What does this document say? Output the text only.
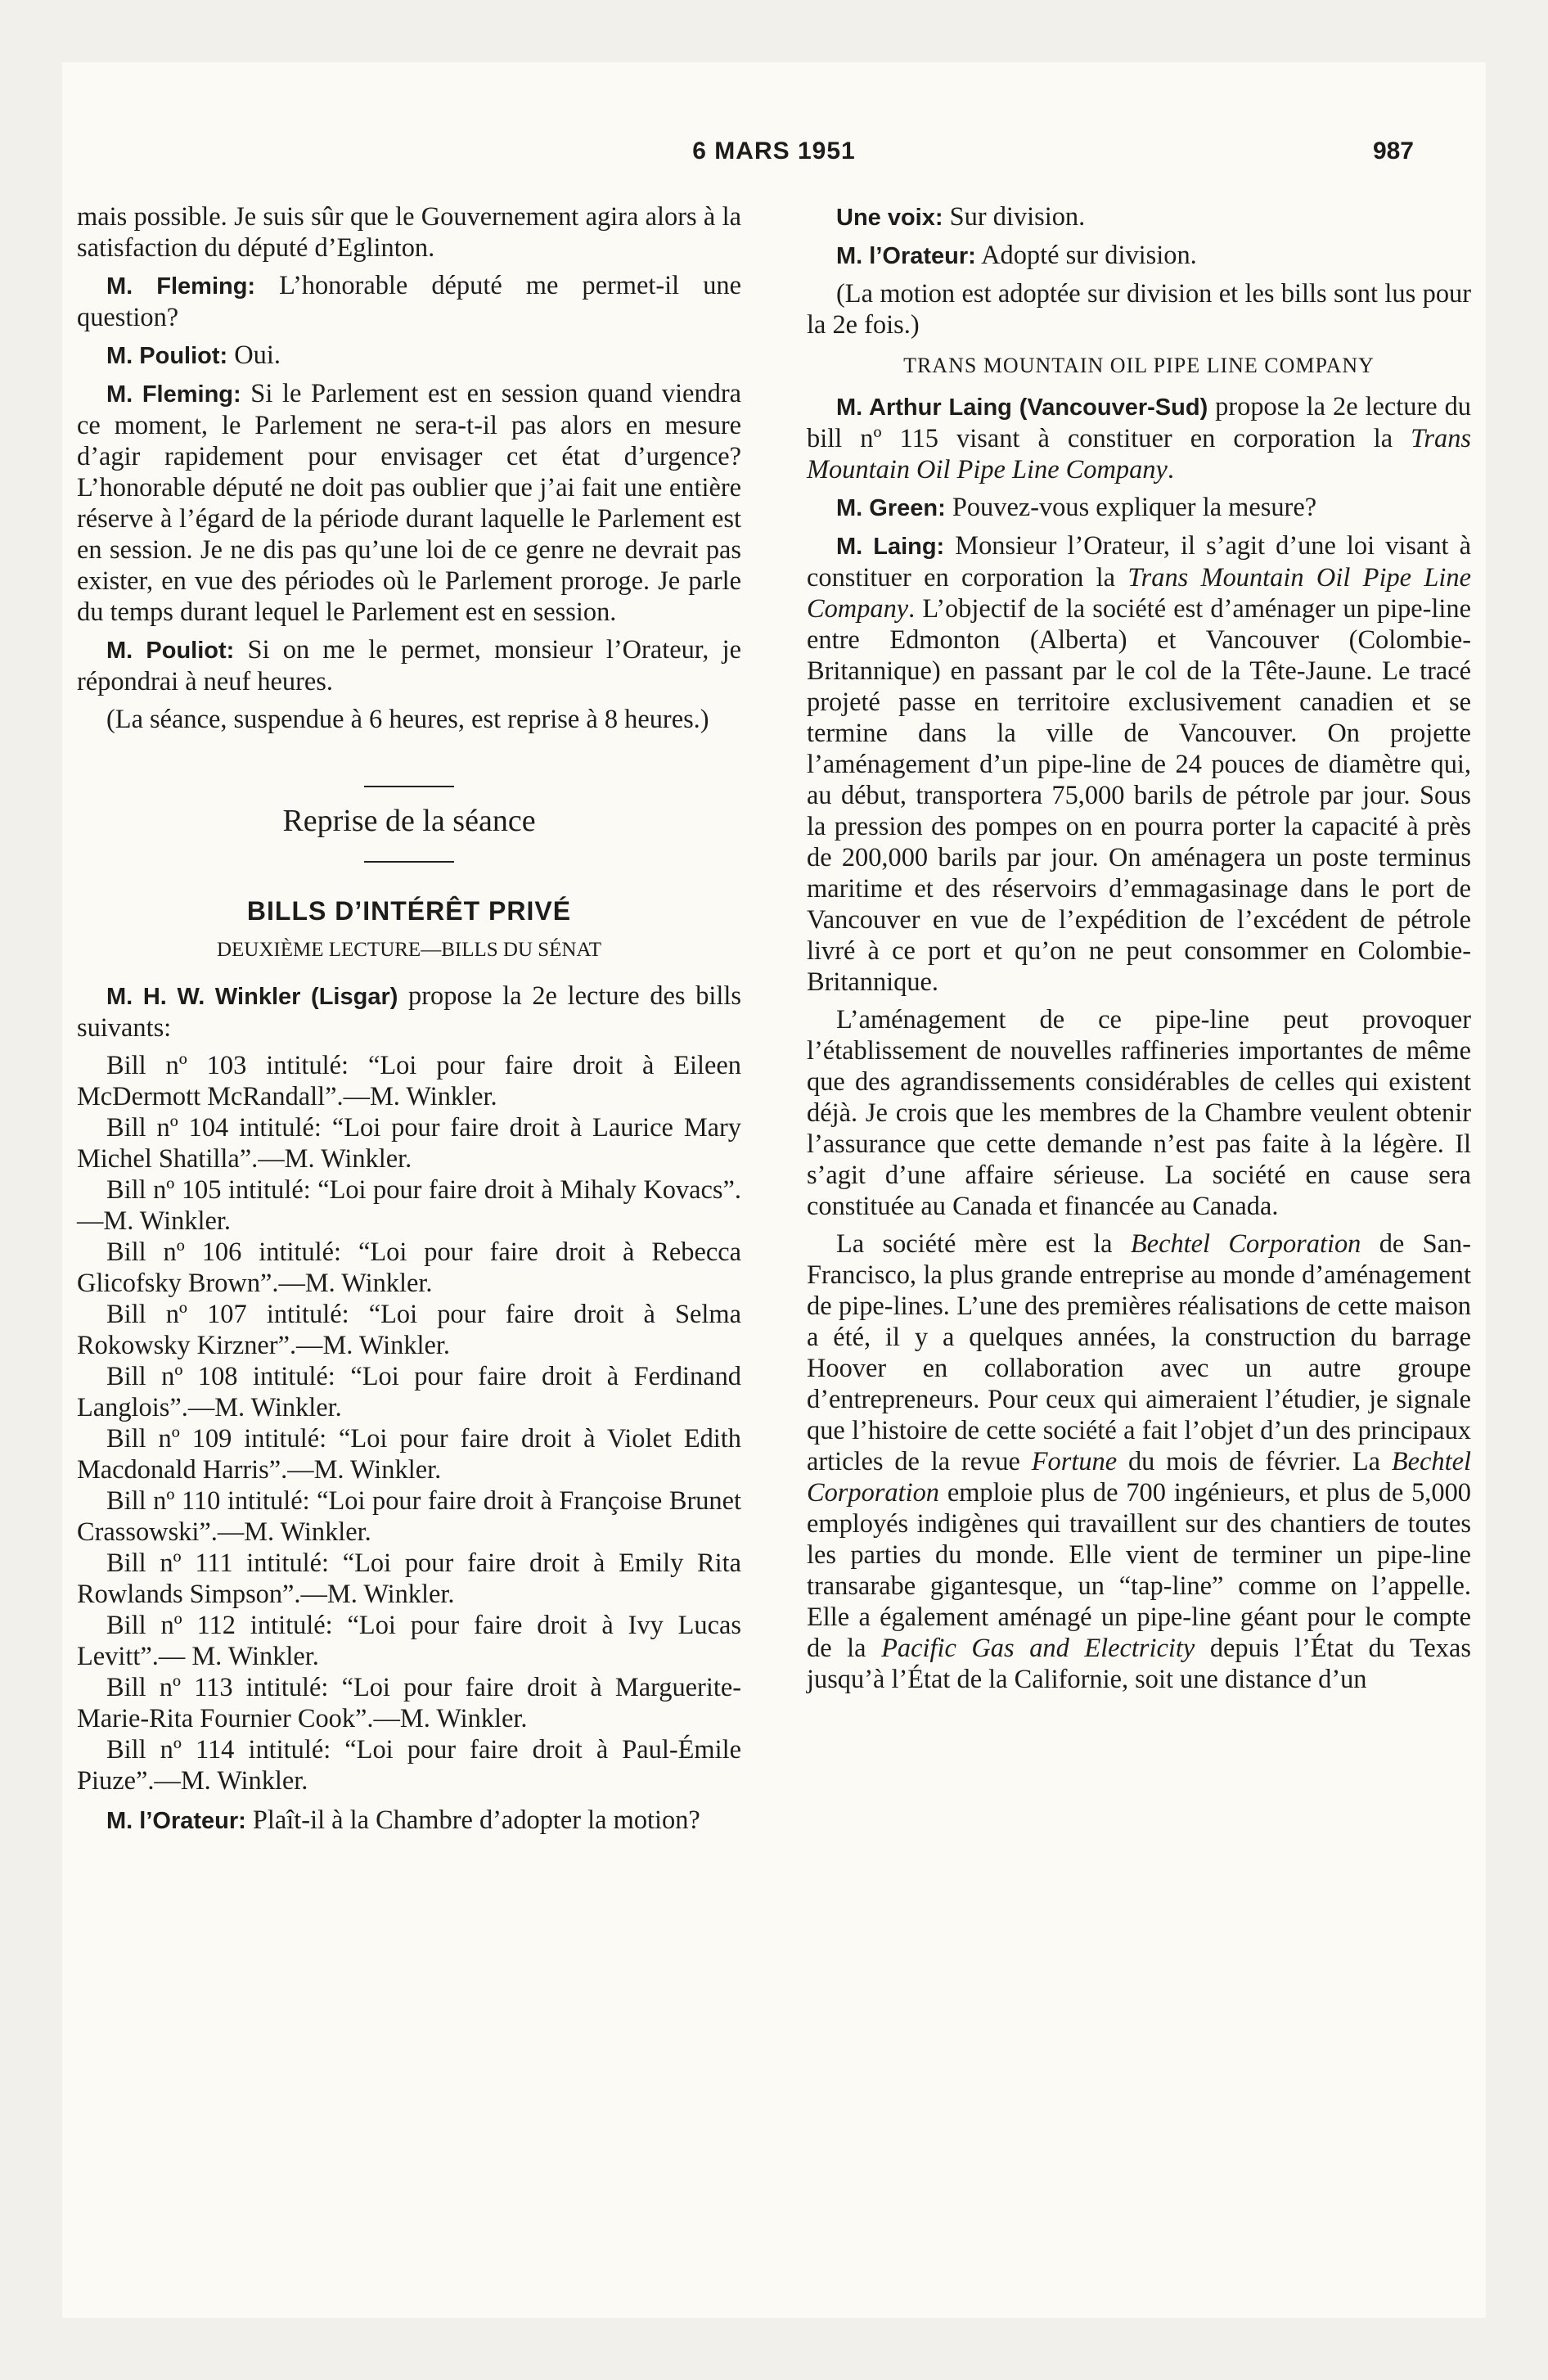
6 MARS 1951	987

mais possible. Je suis sûr que le Gouvernement agira alors à la satisfaction du député d’Eglinton.

M. Fleming: L’honorable député me permet-il une question?

M. Pouliot: Oui.

M. Fleming: Si le Parlement est en session quand viendra ce moment, le Parlement ne sera-t-il pas alors en mesure d’agir rapidement pour envisager cet état d’urgence? L’honorable député ne doit pas oublier que j’ai fait une entière réserve à l’égard de la période durant laquelle le Parlement est en session. Je ne dis pas qu’une loi de ce genre ne devrait pas exister, en vue des périodes où le Parlement proroge. Je parle du temps durant lequel le Parlement est en session.

M. Pouliot: Si on me le permet, monsieur l’Orateur, je répondrai à neuf heures.

(La séance, suspendue à 6 heures, est reprise à 8 heures.)

Reprise de la séance
BILLS D’INTÉRÊT PRIVÉ
DEUXIÈME LECTURE—BILLS DU SÉNAT

M. H. W. Winkler (Lisgar) propose la 2e lecture des bills suivants:

Bill nº 103 intitulé: “Loi pour faire droit à Eileen McDermott McRandall”.—M. Winkler.

Bill nº 104 intitulé: “Loi pour faire droit à Laurice Mary Michel Shatilla”.—M. Winkler.

Bill nº 105 intitulé: “Loi pour faire droit à Mihaly Kovacs”.—M. Winkler.

Bill nº 106 intitulé: “Loi pour faire droit à Rebecca Glicofsky Brown”.—M. Winkler.

Bill nº 107 intitulé: “Loi pour faire droit à Selma Rokowsky Kirzner”.—M. Winkler.

Bill nº 108 intitulé: “Loi pour faire droit à Ferdinand Langlois”.—M. Winkler.

Bill nº 109 intitulé: “Loi pour faire droit à Violet Edith Macdonald Harris”.—M. Winkler.

Bill nº 110 intitulé: “Loi pour faire droit à Françoise Brunet Crassowski”.—M. Winkler.

Bill nº 111 intitulé: “Loi pour faire droit à Emily Rita Rowlands Simpson”.—M. Winkler.

Bill nº 112 intitulé: “Loi pour faire droit à Ivy Lucas Levitt”.— M. Winkler.

Bill nº 113 intitulé: “Loi pour faire droit à Marguerite-Marie-Rita Fournier Cook”.—M. Winkler.

Bill nº 114 intitulé: “Loi pour faire droit à Paul-Émile Piuze”.—M. Winkler.

M. l’Orateur: Plaît-il à la Chambre d’adopter la motion?

Une voix: Sur division.

M. l’Orateur: Adopté sur division.

(La motion est adoptée sur division et les bills sont lus pour la 2e fois.)

TRANS MOUNTAIN OIL PIPE LINE COMPANY

M. Arthur Laing (Vancouver-Sud) propose la 2e lecture du bill nº 115 visant à constituer en corporation la Trans Mountain Oil Pipe Line Company.

M. Green: Pouvez-vous expliquer la mesure?

M. Laing: Monsieur l’Orateur, il s’agit d’une loi visant à constituer en corporation la Trans Mountain Oil Pipe Line Company. L’objectif de la société est d’aménager un pipe-line entre Edmonton (Alberta) et Vancouver (Colombie-Britannique) en passant par le col de la Tête-Jaune. Le tracé projeté passe en territoire exclusivement canadien et se termine dans la ville de Vancouver. On projette l’aménagement d’un pipe-line de 24 pouces de diamètre qui, au début, transportera 75,000 barils de pétrole par jour. Sous la pression des pompes on en pourra porter la capacité à près de 200,000 barils par jour. On aménagera un poste terminus maritime et des réservoirs d’emmagasinage dans le port de Vancouver en vue de l’expédition de l’excédent de pétrole livré à ce port et qu’on ne peut consommer en Colombie-Britannique.

L’aménagement de ce pipe-line peut provoquer l’établissement de nouvelles raffineries importantes de même que des agrandissements considérables de celles qui existent déjà. Je crois que les membres de la Chambre veulent obtenir l’assurance que cette demande n’est pas faite à la légère. Il s’agit d’une affaire sérieuse. La société en cause sera constituée au Canada et financée au Canada.

La société mère est la Bechtel Corporation de San-Francisco, la plus grande entreprise au monde d’aménagement de pipe-lines. L’une des premières réalisations de cette maison a été, il y a quelques années, la construction du barrage Hoover en collaboration avec un autre groupe d’entrepreneurs. Pour ceux qui aimeraient l’étudier, je signale que l’histoire de cette société a fait l’objet d’un des principaux articles de la revue Fortune du mois de février. La Bechtel Corporation emploie plus de 700 ingénieurs, et plus de 5,000 employés indigènes qui travaillent sur des chantiers de toutes les parties du monde. Elle vient de terminer un pipe-line transarabe gigantesque, un “tap-line” comme on l’appelle. Elle a également aménagé un pipe-line géant pour le compte de la Pacific Gas and Electricity depuis l’État du Texas jusqu’à l’État de la Californie, soit une distance d’un
